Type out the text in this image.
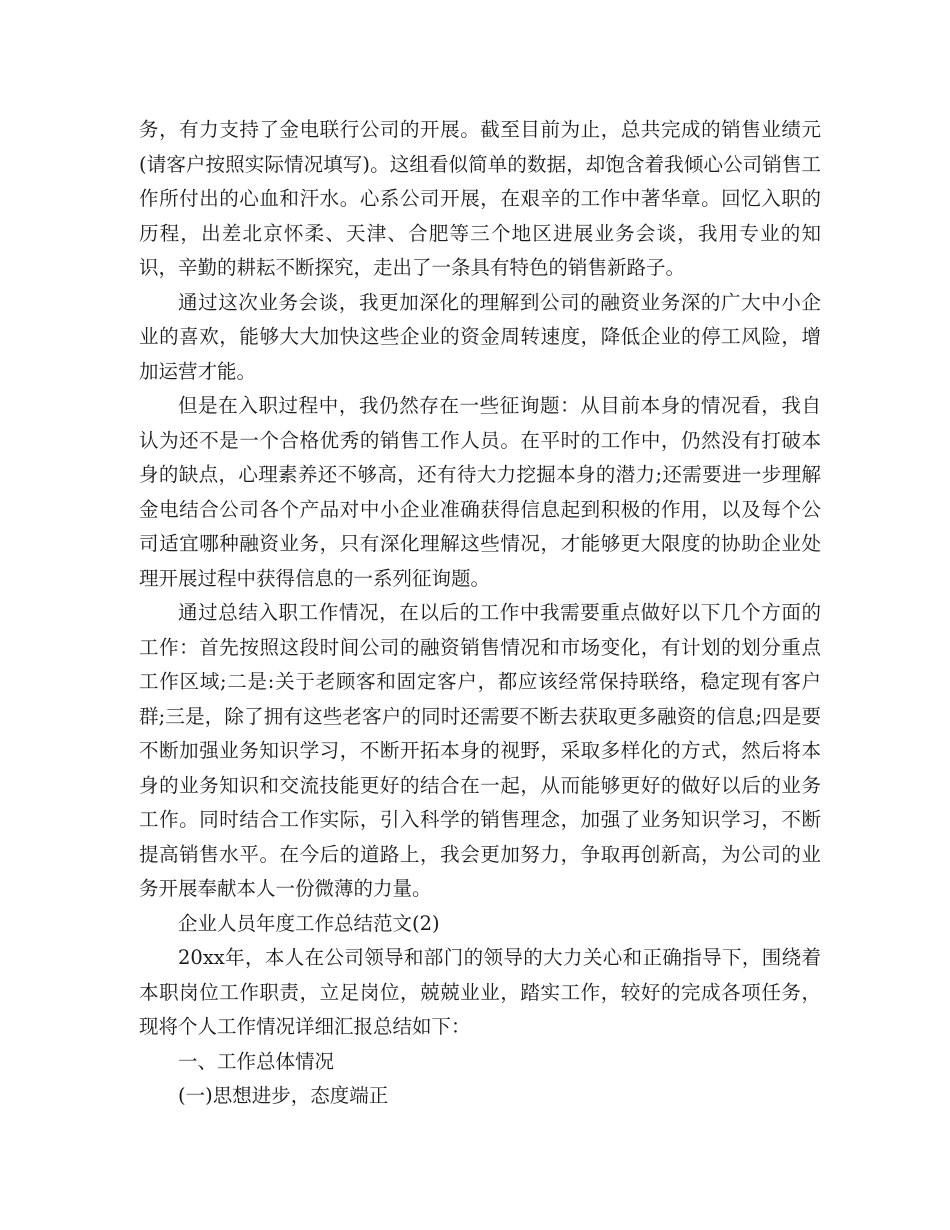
务，有力支持了金电联行公司的开展。截至目前为止，总共完成的销售业绩元(请客户按照实际情况填写)。这组看似简单的数据，却饱含着我倾心公司销售工作所付出的心血和汗水。心系公司开展，在艰辛的工作中著华章。回忆入职的历程，出差北京怀柔、天津、合肥等三个地区进展业务会谈，我用专业的知识，辛勤的耕耘不断探究，走出了一条具有特色的销售新路子。

通过这次业务会谈，我更加深化的理解到公司的融资业务深的广大中小企业的喜欢，能够大大加快这些企业的资金周转速度，降低企业的停工风险，增加运营才能。

但是在入职过程中，我仍然存在一些征询题：从目前本身的情况看，我自认为还不是一个合格优秀的销售工作人员。在平时的工作中，仍然没有打破本身的缺点，心理素养还不够高，还有待大力挖掘本身的潜力;还需要进一步理解金电结合公司各个产品对中小企业准确获得信息起到积极的作用，以及每个公司适宜哪种融资业务，只有深化理解这些情况，才能够更大限度的协助企业处理开展过程中获得信息的一系列征询题。

通过总结入职工作情况，在以后的工作中我需要重点做好以下几个方面的工作：首先按照这段时间公司的融资销售情况和市场变化，有计划的划分重点工作区域;二是:关于老顾客和固定客户，都应该经常保持联络，稳定现有客户群;三是，除了拥有这些老客户的同时还需要不断去获取更多融资的信息;四是要不断加强业务知识学习，不断开拓本身的视野，采取多样化的方式，然后将本身的业务知识和交流技能更好的结合在一起，从而能够更好的做好以后的业务工作。同时结合工作实际，引入科学的销售理念，加强了业务知识学习，不断提高销售水平。在今后的道路上，我会更加努力，争取再创新高，为公司的业务开展奉献本人一份微薄的力量。

企业人员年度工作总结范文(2)

20xx年，本人在公司领导和部门的领导的大力关心和正确指导下，围绕着本职岗位工作职责，立足岗位，兢兢业业，踏实工作，较好的完成各项任务，现将个人工作情况详细汇报总结如下：

一、工作总体情况

(一)思想进步，态度端正
